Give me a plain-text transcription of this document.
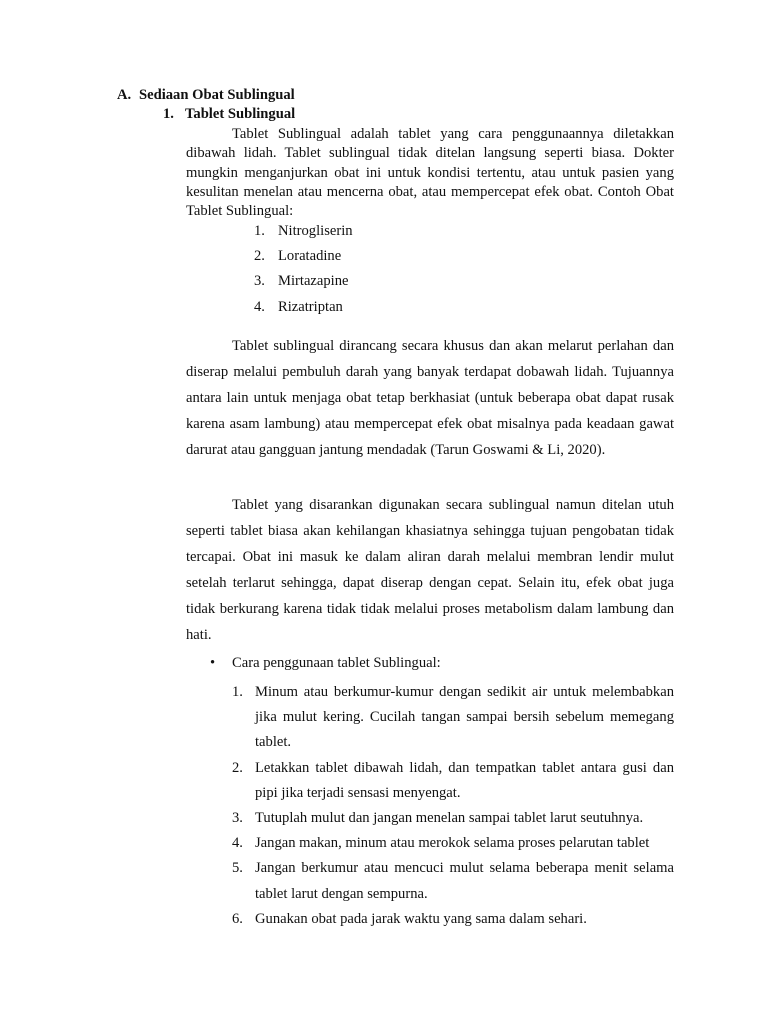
A. Sediaan Obat Sublingual
1. Tablet Sublingual

Tablet Sublingual adalah tablet yang cara penggunaannya diletakkan dibawah lidah. Tablet sublingual tidak ditelan langsung seperti biasa. Dokter mungkin menganjurkan obat ini untuk kondisi tertentu, atau untuk pasien yang kesulitan menelan atau mencerna obat, atau mempercepat efek obat. Contoh Obat Tablet Sublingual:

1. Nitrogliserin
2. Loratadine
3. Mirtazapine
4. Rizatriptan

Tablet sublingual dirancang secara khusus dan akan melarut perlahan dan diserap melalui pembuluh darah yang banyak terdapat dobawah lidah. Tujuannya antara lain untuk menjaga obat tetap berkhasiat (untuk beberapa obat dapat rusak karena asam lambung) atau mempercepat efek obat misalnya pada keadaan gawat darurat atau gangguan jantung mendadak (Tarun Goswami & Li, 2020).

Tablet yang disarankan digunakan secara sublingual namun ditelan utuh seperti tablet biasa akan kehilangan khasiatnya sehingga tujuan pengobatan tidak tercapai. Obat ini masuk ke dalam aliran darah melalui membran lendir mulut setelah terlarut sehingga, dapat diserap dengan cepat. Selain itu, efek obat juga tidak berkurang karena tidak tidak melalui proses metabolism dalam lambung dan hati.

• Cara penggunaan tablet Sublingual:
1. Minum atau berkumur-kumur dengan sedikit air untuk melembabkan jika mulut kering. Cucilah tangan sampai bersih sebelum memegang tablet.
2. Letakkan tablet dibawah lidah, dan tempatkan tablet antara gusi dan pipi jika terjadi sensasi menyengat.
3. Tutuplah mulut dan jangan menelan sampai tablet larut seutuhnya.
4. Jangan makan, minum atau merokok selama proses pelarutan tablet
5. Jangan berkumur atau mencuci mulut selama beberapa menit selama tablet larut dengan sempurna.
6. Gunakan obat pada jarak waktu yang sama dalam sehari.
